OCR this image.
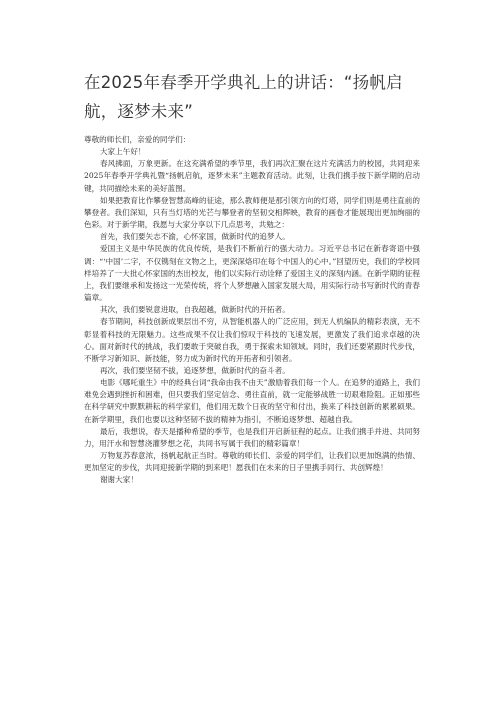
在2025年春季开学典礼上的讲话：“扬帆启航，逐梦未来”

尊敬的师长们，亲爱的同学们：

大家上午好！

春风拂面，万象更新。在这充满希望的季节里，我们再次汇聚在这片充满活力的校园，共同迎来2025年春季开学典礼暨“扬帆启航，逐梦未来”主题教育活动。此刻，让我们携手按下新学期的启动键，共同描绘未来的美好蓝图。

如果把教育比作攀登智慧高峰的征途，那么教师便是那引领方向的灯塔，同学们则是勇往直前的攀登者。我们深知，只有当灯塔的光芒与攀登者的坚韧交相辉映，教育的画卷才能展现出更加绚丽的色彩。对于新学期，我愿与大家分享以下几点思考，共勉之：

首先，我们要矢志不渝，心怀家国，做新时代的追梦人。

爱国主义是中华民族的优良传统，是我们不断前行的强大动力。习近平总书记在新春寄语中强调：“‘中国’二字，不仅镌刻在文物之上，更深深烙印在每个中国人的心中。”回望历史，我们的学校同样培养了一大批心怀家国的杰出校友，他们以实际行动诠释了爱国主义的深刻内涵。在新学期的征程上，我们要继承和发扬这一光荣传统，将个人梦想融入国家发展大局，用实际行动书写新时代的青春篇章。

其次，我们要锐意进取，自我超越，做新时代的开拓者。

春节期间，科技创新成果层出不穷，从智能机器人的广泛应用，到无人机编队的精彩表演，无不彰显着科技的无限魅力。这些成果不仅让我们惊叹于科技的飞速发展，更激发了我们追求卓越的决心。面对新时代的挑战，我们要敢于突破自我，勇于探索未知领域。同时，我们还要紧跟时代步伐，不断学习新知识、新技能，努力成为新时代的开拓者和引领者。

再次，我们要坚韧不拔，追逐梦想，做新时代的奋斗者。

电影《哪吒重生》中的经典台词“我命由我不由天”激励着我们每一个人。在追梦的道路上，我们难免会遇到挫折和困难，但只要我们坚定信念、勇往直前，就一定能够战胜一切艰难险阻。正如那些在科学研究中默默耕耘的科学家们，他们用无数个日夜的坚守和付出，换来了科技创新的累累硕果。在新学期里，我们也要以这种坚韧不拔的精神为指引，不断追逐梦想、超越自我。

最后，我想说，春天是播种希望的季节，也是我们开启新征程的起点。让我们携手并进、共同努力，用汗水和智慧浇灌梦想之花，共同书写属于我们的精彩篇章！

万物复苏春意浓，扬帆起航正当时。尊敬的师长们、亲爱的同学们，让我们以更加饱满的热情、更加坚定的步伐，共同迎接新学期的到来吧！愿我们在未来的日子里携手同行、共创辉煌！

谢谢大家！
